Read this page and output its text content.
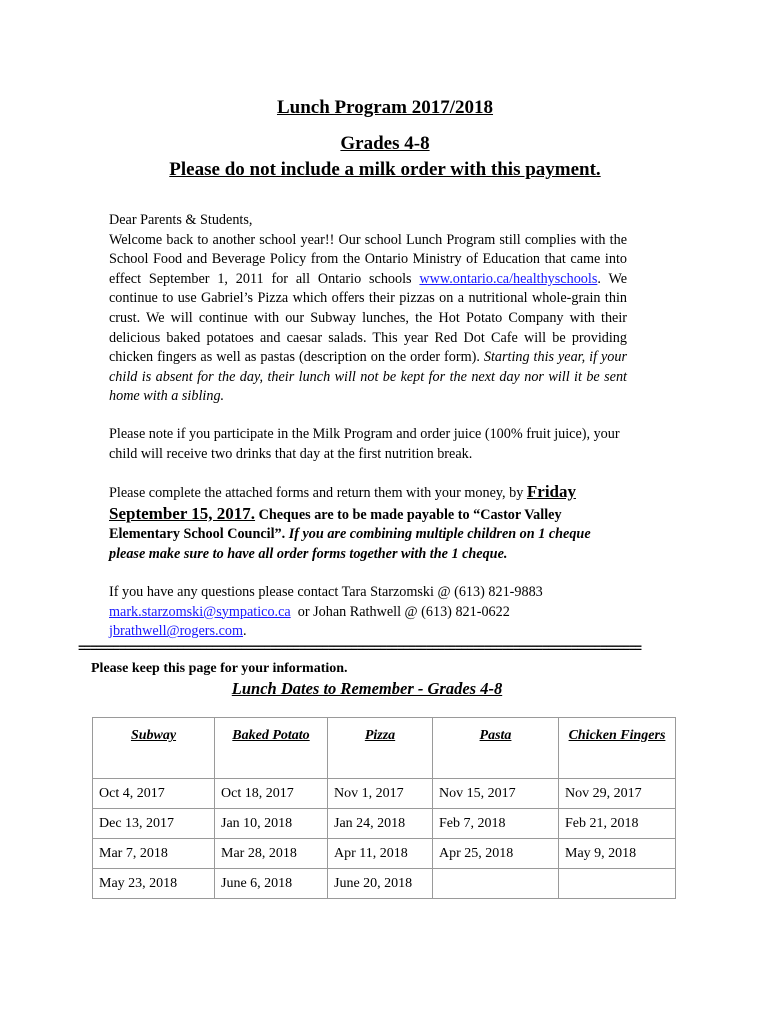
Lunch Program 2017/2018
Grades 4-8
Please do not include a milk order with this payment.
Dear Parents & Students,
Welcome back to another school year!! Our school Lunch Program still complies with the School Food and Beverage Policy from the Ontario Ministry of Education that came into effect September 1, 2011 for all Ontario schools www.ontario.ca/healthyschools. We continue to use Gabriel’s Pizza which offers their pizzas on a nutritional whole-grain thin crust. We will continue with our Subway lunches, the Hot Potato Company with their delicious baked potatoes and caesar salads. This year Red Dot Cafe will be providing chicken fingers as well as pastas (description on the order form). Starting this year, if your child is absent for the day, their lunch will not be kept for the next day nor will it be sent home with a sibling.
Please note if you participate in the Milk Program and order juice (100% fruit juice), your child will receive two drinks that day at the first nutrition break.
Please complete the attached forms and return them with your money, by Friday September 15, 2017. Cheques are to be made payable to “Castor Valley Elementary School Council”. If you are combining multiple children on 1 cheque please make sure to have all order forms together with the 1 cheque.
If you have any questions please contact Tara Starzomski @ (613) 821-9883
mark.starzomski@sympatico.ca or Johan Rathwell @ (613) 821-0622
jbrathwell@rogers.com.
=================================================================================================
Please keep this page for your information.
Lunch Dates to Remember - Grades 4-8
Subway	Baked Potato	Pizza	Pasta	Chicken Fingers
Oct 4, 2017	Oct 18, 2017	Nov 1, 2017	Nov 15, 2017	Nov 29, 2017
Dec 13, 2017	Jan 10, 2018	Jan 24, 2018	Feb 7, 2018	Feb 21, 2018
Mar 7, 2018	Mar 28, 2018	Apr 11, 2018	Apr 25, 2018	May 9, 2018
May 23, 2018	June 6, 2018	June 20, 2018		
